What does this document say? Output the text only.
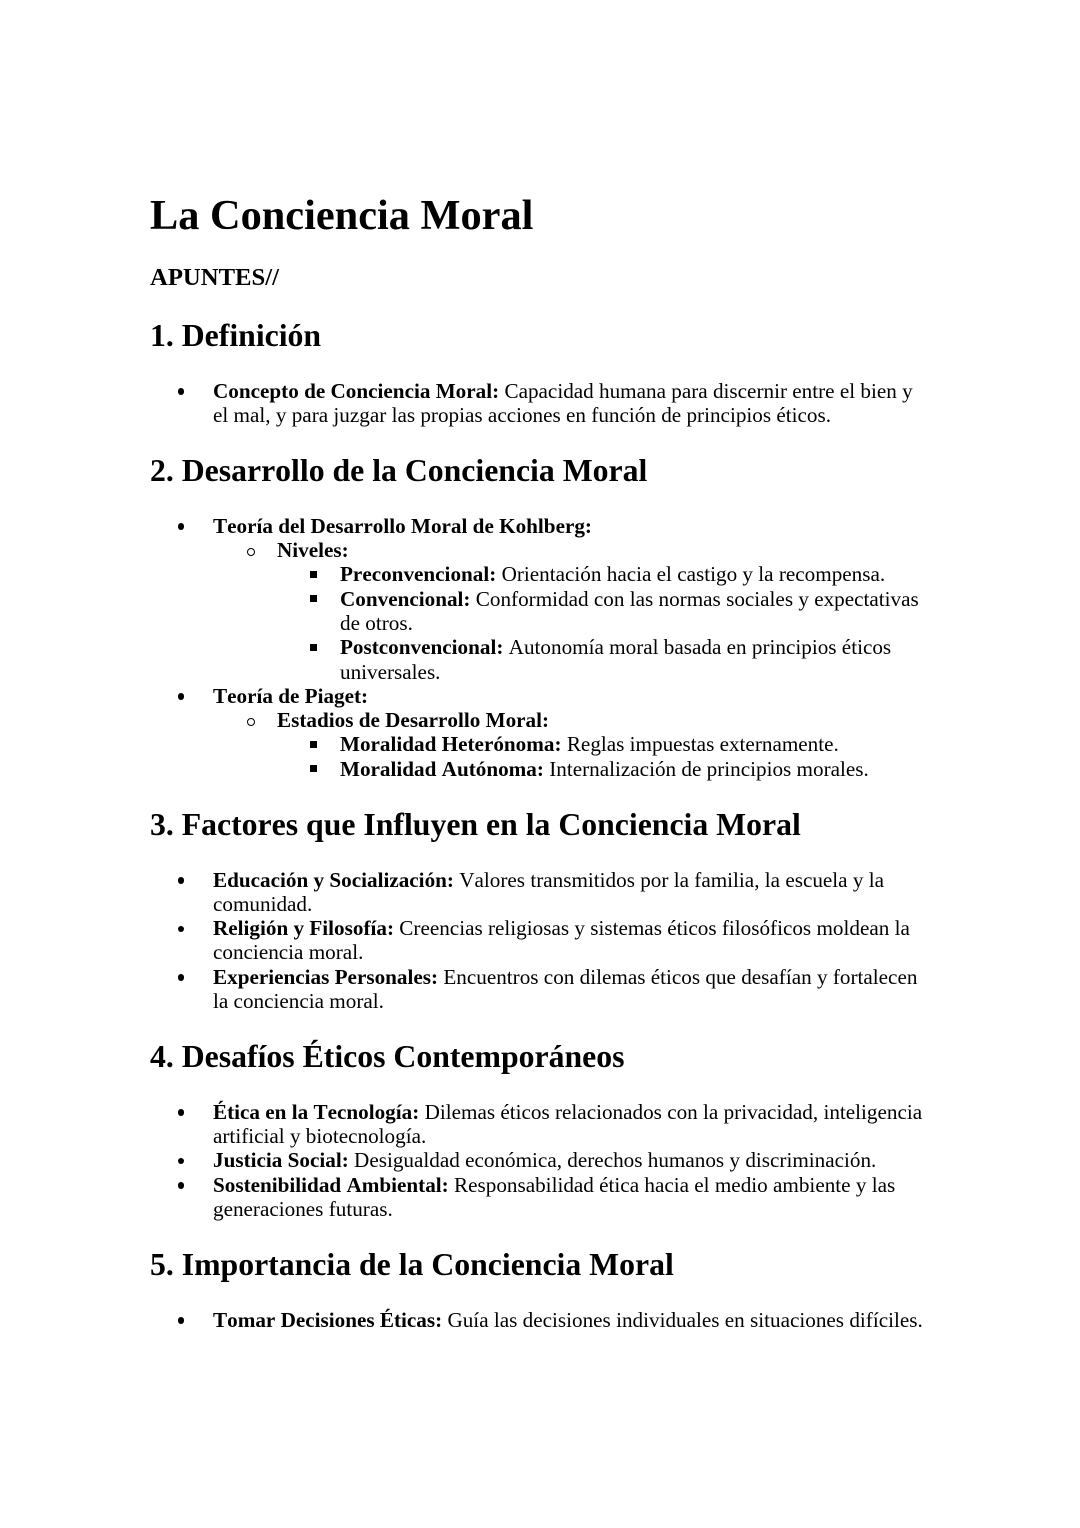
La Conciencia Moral

APUNTES//

1. Definición
Concepto de Conciencia Moral: Capacidad humana para discernir entre el bien y el mal, y para juzgar las propias acciones en función de principios éticos.
2. Desarrollo de la Conciencia Moral
Teoría del Desarrollo Moral de Kohlberg:
Niveles:
Preconvencional: Orientación hacia el castigo y la recompensa.
Convencional: Conformidad con las normas sociales y expectativas de otros.
Postconvencional: Autonomía moral basada en principios éticos universales.
Teoría de Piaget:
Estadios de Desarrollo Moral:
Moralidad Heterónoma: Reglas impuestas externamente.
Moralidad Autónoma: Internalización de principios morales.
3. Factores que Influyen en la Conciencia Moral
Educación y Socialización: Valores transmitidos por la familia, la escuela y la comunidad.
Religión y Filosofía: Creencias religiosas y sistemas éticos filosóficos moldean la conciencia moral.
Experiencias Personales: Encuentros con dilemas éticos que desafían y fortalecen la conciencia moral.
4. Desafíos Éticos Contemporáneos
Ética en la Tecnología: Dilemas éticos relacionados con la privacidad, inteligencia artificial y biotecnología.
Justicia Social: Desigualdad económica, derechos humanos y discriminación.
Sostenibilidad Ambiental: Responsabilidad ética hacia el medio ambiente y las generaciones futuras.
5. Importancia de la Conciencia Moral
Tomar Decisiones Éticas: Guía las decisiones individuales en situaciones difíciles.
